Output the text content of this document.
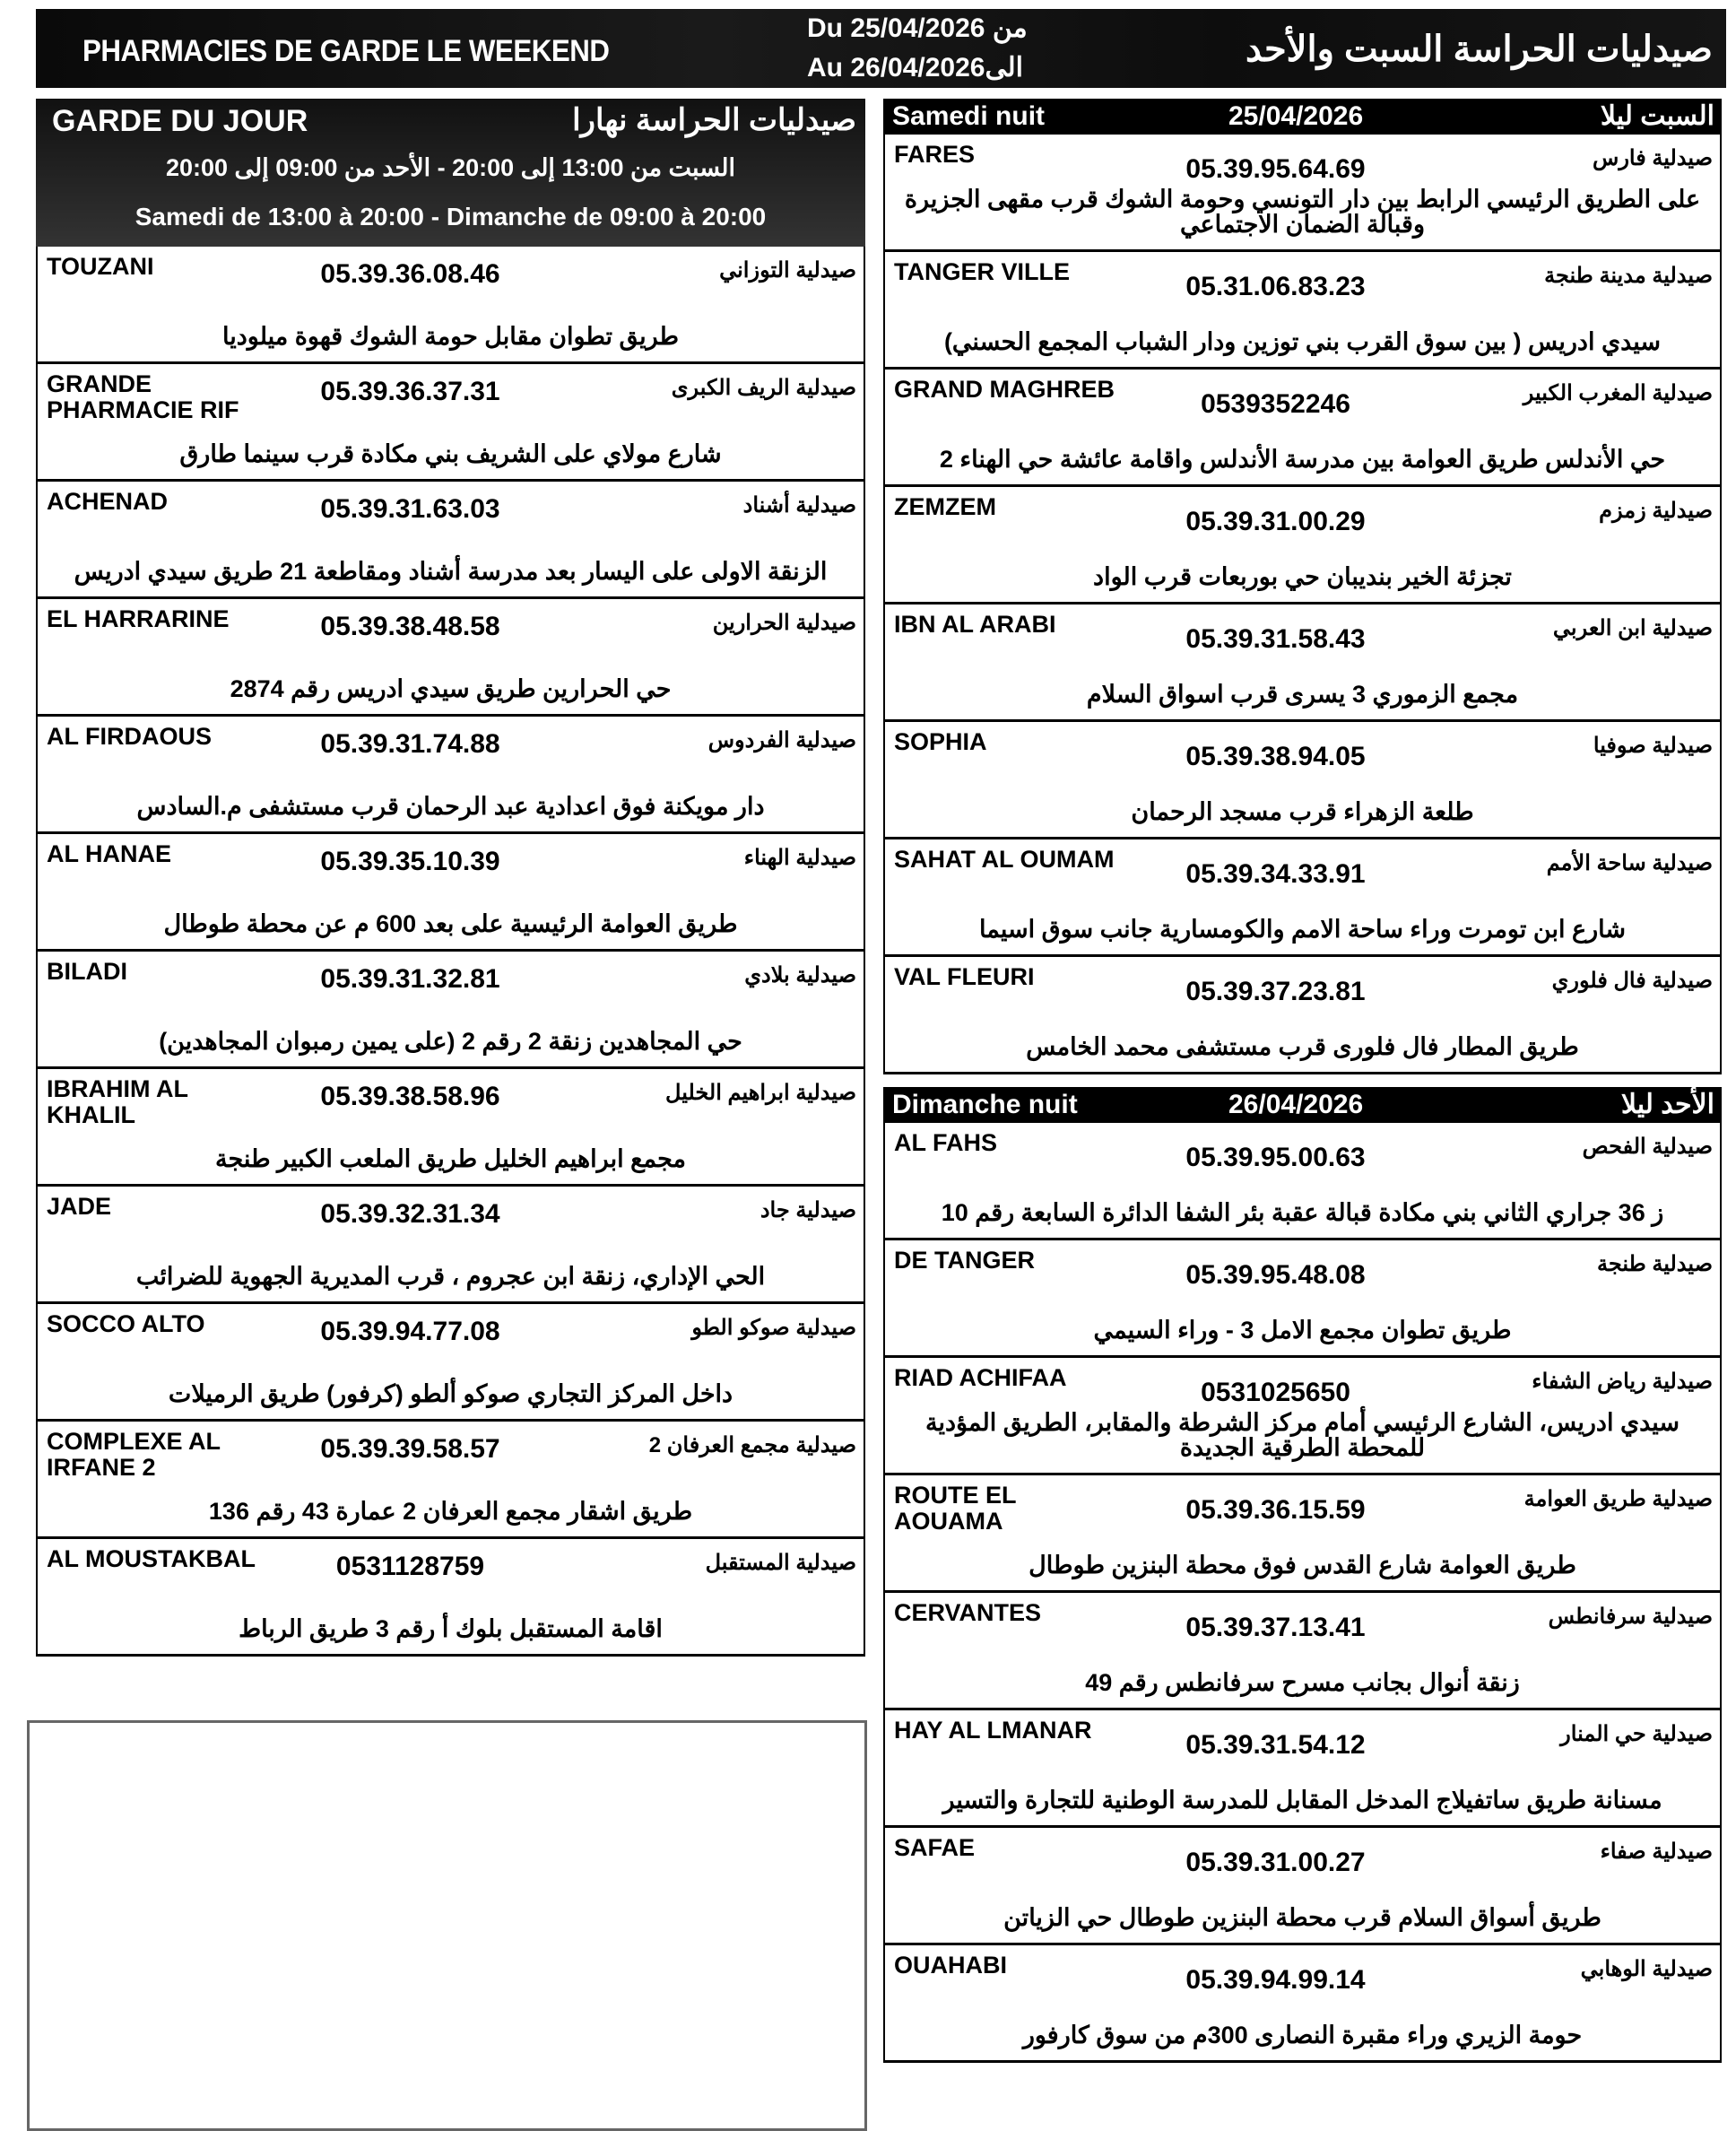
PHARMACIES DE GARDE LE WEEKEND
Du 25/04/2026 من
Au 26/04/2026الى	صيدليات الحراسة السبت والأحد
GARDE DU JOUR	صيدليات الحراسة نهارا
السبت من 13:00 إلى 20:00 - الأحد من 09:00 إلى 20:00
Samedi de 13:00 à 20:00 - Dimanche de 09:00 à 20:00
TOUZANI	05.39.36.08.46	صيدلية التوزاني
طريق تطوان مقابل حومة الشوك قهوة ميلوديا
GRANDE PHARMACIE RIF
05.39.36.37.31	صيدلية الريف الكبرى
شارع مولاي على الشريف بني مكادة قرب سينما طارق
ACHENAD	05.39.31.63.03	صيدلية أشناد
الزنقة الاولى على اليسار بعد مدرسة أشناد ومقاطعة 21 طريق سيدي ادريس
EL HARRARINE	05.39.38.48.58	صيدلية الحرارين
حي الحرارين طريق سيدي ادريس رقم 2874
AL FIRDAOUS	05.39.31.74.88	صيدلية الفردوس
دار مويكنة فوق اعدادية عبد الرحمان قرب مستشفى م.السادس
AL HANAE	05.39.35.10.39	صيدلية الهناء
طريق العوامة الرئيسية على بعد 600 م عن محطة طوطال
BILADI	05.39.31.32.81	صيدلية بلادي
حي المجاهدين زنقة 2 رقم 2 (على يمين رمبوان المجاهدين)
IBRAHIM AL KHALIL
05.39.38.58.96	صيدلية ابراهيم الخليل
مجمع ابراهيم الخليل طريق الملعب الكبير طنجة
JADE	05.39.32.31.34	صيدلية جاد
الحي الإداري، زنقة ابن عجروم ، قرب المديرية الجهوية للضرائب
SOCCO ALTO	05.39.94.77.08	صيدلية صوكو الطو
داخل المركز التجاري صوكو ألطو (كرفور) طريق الرميلات
COMPLEXE AL IRFANE 2
05.39.39.58.57	صيدلية مجمع العرفان 2
طريق اشقار مجمع العرفان 2 عمارة 43 رقم 136
AL MOUSTAKBAL	0531128759	صيدلية المستقبل
اقامة المستقبل بلوك أ رقم 3 طريق الرباط
Samedi nuit	25/04/2026	السبت ليلا
FARES	05.39.95.64.69	صيدلية فارس
على الطريق الرئيسي الرابط بين دار التونسي وحومة الشوك قرب مقهى الجزيرة وقبالة الضمان الاجتماعي
TANGER VILLE	05.31.06.83.23	صيدلية مدينة طنجة
سيدي ادريس ( بين سوق القرب بني توزين ودار الشباب المجمع الحسني)
GRAND MAGHREB	0539352246	صيدلية المغرب الكبير
حي الأندلس طريق العوامة بين مدرسة الأندلس واقامة عائشة حي الهناء 2
ZEMZEM	05.39.31.00.29	صيدلية زمزم
تجزئة الخير بنديبان حي بوربعات قرب الواد
IBN AL ARABI	05.39.31.58.43	صيدلية ابن العربي
مجمع الزموري 3 يسرى قرب اسواق السلام
SOPHIA	05.39.38.94.05	صيدلية صوفيا
طلعة الزهراء قرب مسجد الرحمان
SAHAT AL OUMAM	05.39.34.33.91	صيدلية ساحة الأمم
شارع ابن تومرت وراء ساحة الامم والكومسارية جانب سوق اسيما
VAL FLEURI	05.39.37.23.81	صيدلية فال فلوري
طريق المطار فال فلورى قرب مستشفى محمد الخامس
Dimanche nuit	26/04/2026	الأحد ليلا
AL FAHS	05.39.95.00.63	صيدلية الفحص
ز 36 جراري الثاني بني مكادة قبالة عقبة بئر الشفا الدائرة السابعة رقم 10
DE TANGER	05.39.95.48.08	صيدلية طنجة
طريق تطوان مجمع الامل 3 - وراء السيمي
RIAD ACHIFAA	0531025650	صيدلية رياض الشفاء
سيدي ادريس، الشارع الرئيسي أمام مركز الشرطة والمقابر، الطريق المؤدية للمحطة الطرقية الجديدة
ROUTE EL AOUAMA	05.39.36.15.59	صيدلية طريق العوامة
طريق العوامة شارع القدس فوق محطة البنزين طوطال
CERVANTES	05.39.37.13.41	صيدلية سرفانطس
زنقة أنوال بجانب مسرح سرفانطس رقم 49
HAY AL LMANAR	05.39.31.54.12	صيدلية حي المنار
مسنانة طريق ساتفيلاج المدخل المقابل للمدرسة الوطنية للتجارة والتسير
SAFAE	05.39.31.00.27	صيدلية صفاء
طريق أسواق السلام قرب محطة البنزين طوطال حي الزياتن
OUAHABI	05.39.94.99.14	صيدلية الوهابي
حومة الزيري وراء مقبرة النصارى 300م من سوق كارفور
